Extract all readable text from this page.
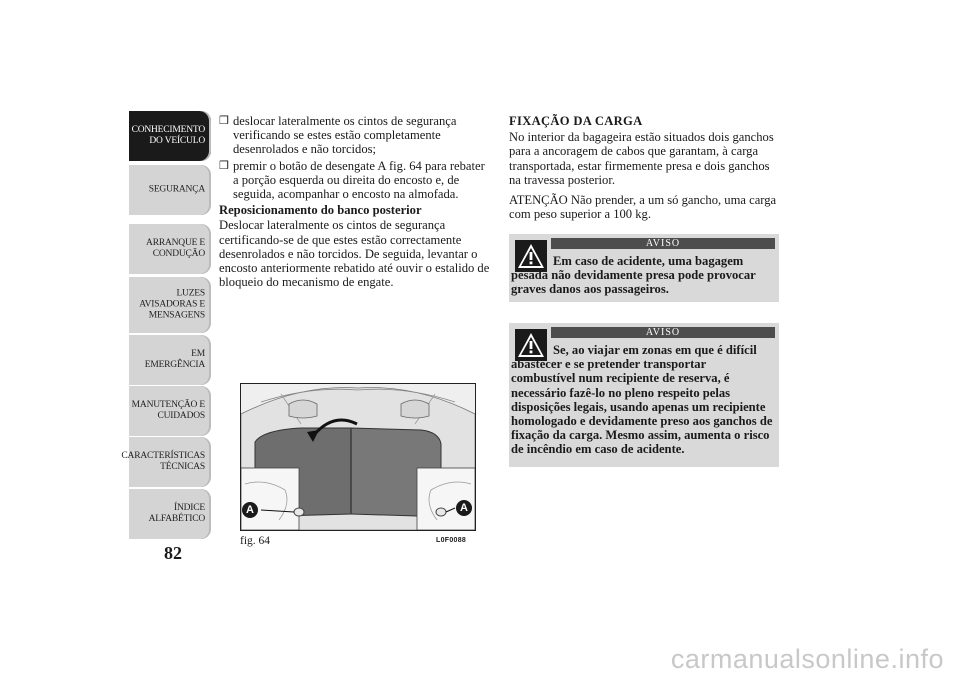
CONHECIMENTO
DO VEÍCULO
SEGURANÇA
ARRANQUE E
CONDUÇÃO
LUZES
AVISADORAS E
MENSAGENS
EM EMERGÊNCIA
MANUTENÇÃO E
CUIDADOS
CARACTERÍSTICAS
TÉCNICAS
ÍNDICE
ALFABÉTICO
82
❒ deslocar lateralmente os cintos de segurança verificando se estes estão completamente desenrolados e não torcidos;
❒ premir o botão de desengate A fig. 64 para rebater a porção esquerda ou direita do encosto e, de seguida, acompanhar o encosto na almofada.
Reposicionamento do banco posterior

Deslocar lateralmente os cintos de segurança certificando-se de que estes estão correctamente desenrolados e não torcidos. De seguida, levantar o encosto anteriormente rebatido até ouvir o estalido de bloqueio do mecanismo de engate.

FIXAÇÃO DA CARGA

No interior da bagageira estão situados dois ganchos para a ancoragem de cabos que garantam, à carga transportada, estar firmemente presa e dois ganchos na travessa posterior.

ATENÇÃO Não prender, a um só gancho, uma carga com peso superior a 100 kg.

AVISO
Em caso de acidente, uma bagagem pesada não devidamente presa pode provocar graves danos aos passageiros.
AVISO
Se, ao viajar em zonas em que é difícil abastecer e se pretender transportar combustível num recipiente de reserva, é necessário fazê-lo no pleno respeito pelas disposições legais, usando apenas um recipiente homologado e devidamente preso aos ganchos de fixação da carga. Mesmo assim, aumenta o risco de incêndio em caso de acidente.
A	A
fig. 64	L0F0088
carmanualsonline.info
